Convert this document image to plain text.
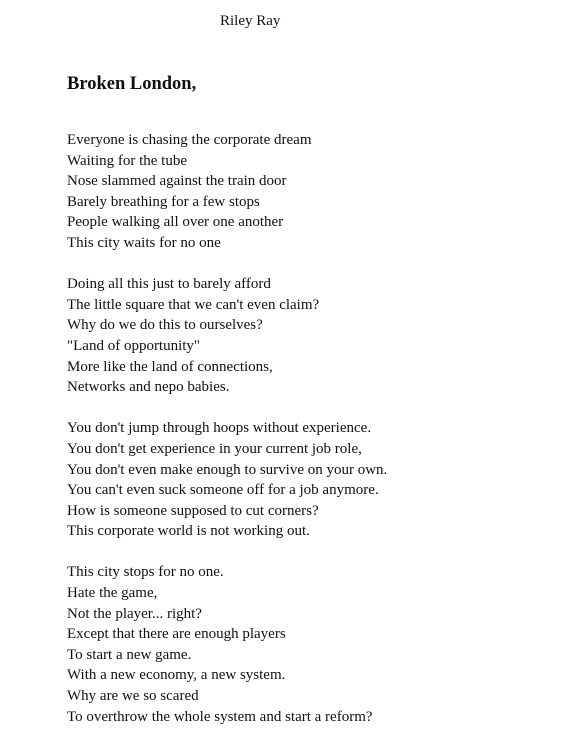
Riley Ray
Broken London,
Everyone is chasing the corporate dream
Waiting for the tube
Nose slammed against the train door
Barely breathing for a few stops
People walking all over one another
This city waits for no one
Doing all this just to barely afford
The little square that we can't even claim?
Why do we do this to ourselves?
"Land of opportunity"
More like the land of connections,
Networks and nepo babies.
You don't jump through hoops without experience.
You don't get experience in your current job role,
You don't even make enough to survive on your own.
You can't even suck someone off for a job anymore.
How is someone supposed to cut corners?
This corporate world is not working out.
This city stops for no one.
Hate the game,
Not the player... right?
Except that there are enough players
To start a new game.
With a new economy, a new system.
Why are we so scared
To overthrow the whole system and start a reform?
